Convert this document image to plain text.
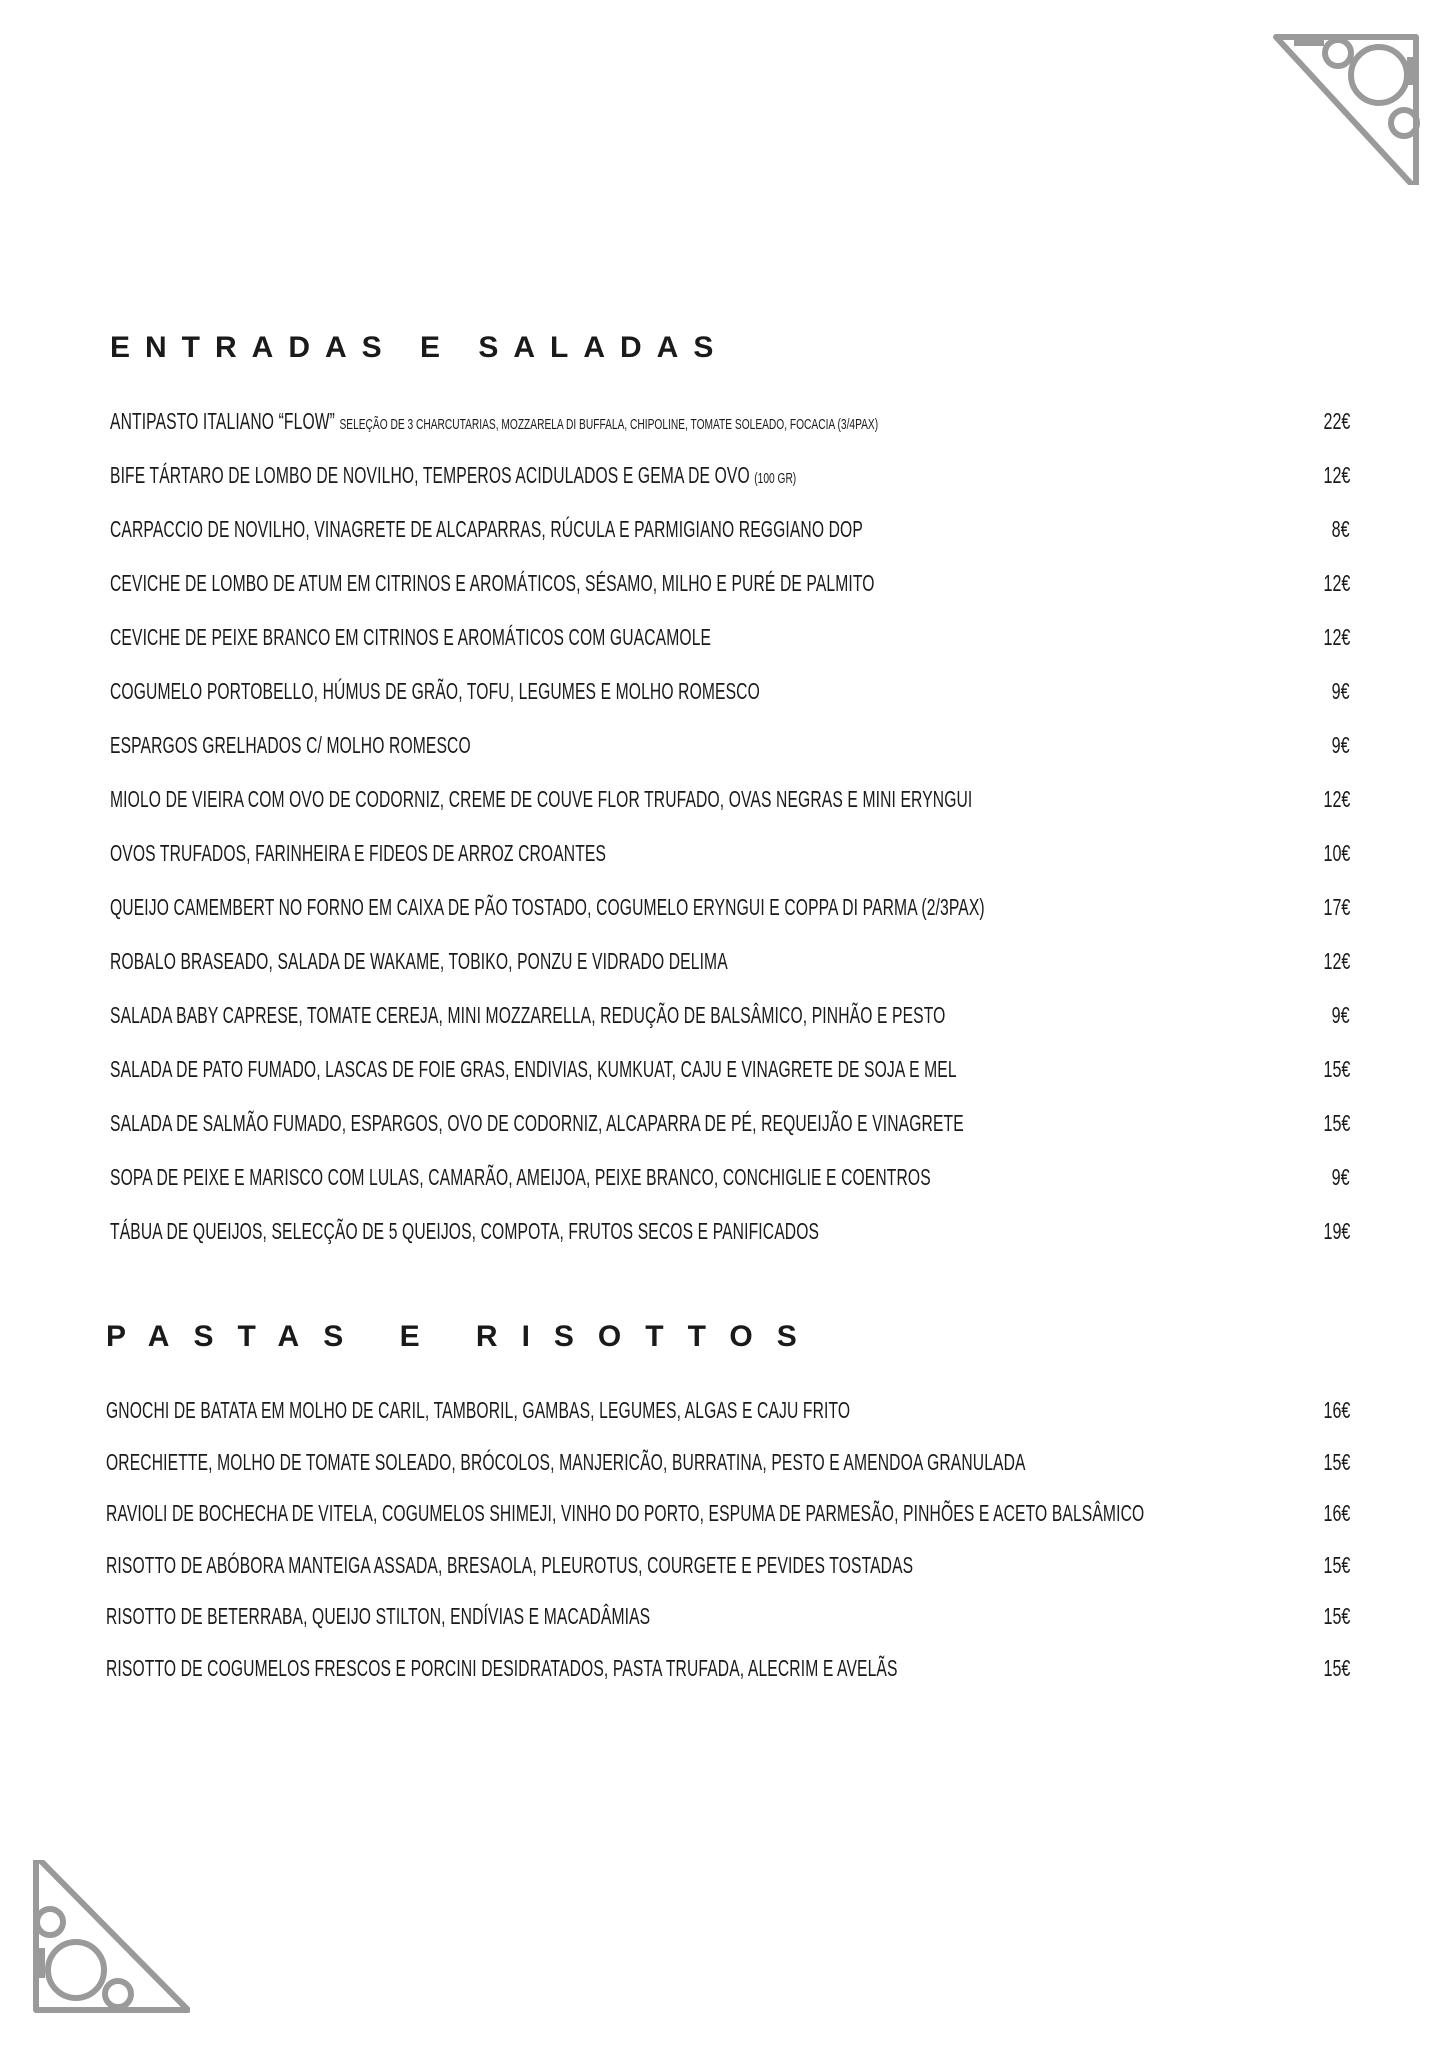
ENTRADAS E SALADAS
ANTIPASTO ITALIANO “FLOW” SELEÇÃO DE 3 CHARCUTARIAS, MOZZARELA DI BUFFALA, CHIPOLINE, TOMATE SOLEADO, FOCACIA (3/4PAX)	22€
BIFE TÁRTARO DE LOMBO DE NOVILHO, TEMPEROS ACIDULADOS E GEMA DE OVO (100 GR)	12€
CARPACCIO DE NOVILHO, VINAGRETE DE ALCAPARRAS, RÚCULA E PARMIGIANO REGGIANO DOP	8€
CEVICHE DE LOMBO DE ATUM EM CITRINOS E AROMÁTICOS, SÉSAMO, MILHO E PURÉ DE PALMITO	12€
CEVICHE DE PEIXE BRANCO EM CITRINOS E AROMÁTICOS COM GUACAMOLE	12€
COGUMELO PORTOBELLO, HÚMUS DE GRÃO, TOFU, LEGUMES E MOLHO ROMESCO	9€
ESPARGOS GRELHADOS C/ MOLHO ROMESCO	9€
MIOLO DE VIEIRA COM OVO DE CODORNIZ, CREME DE COUVE FLOR TRUFADO, OVAS NEGRAS E MINI ERYNGUI	12€
OVOS TRUFADOS, FARINHEIRA E FIDEOS DE ARROZ CROANTES	10€
QUEIJO CAMEMBERT NO FORNO EM CAIXA DE PÃO TOSTADO, COGUMELO ERYNGUI E COPPA DI PARMA (2/3PAX)	17€
ROBALO BRASEADO, SALADA DE WAKAME, TOBIKO, PONZU E VIDRADO DELIMA	12€
SALADA BABY CAPRESE, TOMATE CEREJA, MINI MOZZARELLA, REDUÇÃO DE BALSÂMICO, PINHÃO E PESTO	9€
SALADA DE PATO FUMADO, LASCAS DE FOIE GRAS, ENDIVIAS, KUMKUAT, CAJU E VINAGRETE DE SOJA E MEL	15€
SALADA DE SALMÃO FUMADO, ESPARGOS, OVO DE CODORNIZ, ALCAPARRA DE PÉ, REQUEIJÃO E VINAGRETE	15€
SOPA DE PEIXE E MARISCO COM LULAS, CAMARÃO, AMEIJOA, PEIXE BRANCO, CONCHIGLIE E COENTROS	9€
TÁBUA DE QUEIJOS, SELECÇÃO DE 5 QUEIJOS, COMPOTA, FRUTOS SECOS E PANIFICADOS	19€
PASTAS E RISOTTOS
GNOCHI DE BATATA EM MOLHO DE CARIL, TAMBORIL, GAMBAS, LEGUMES, ALGAS E CAJU FRITO	16€
ORECHIETTE, MOLHO DE TOMATE SOLEADO, BRÓCOLOS, MANJERICÃO, BURRATINA, PESTO E AMENDOA GRANULADA	15€
RAVIOLI DE BOCHECHA DE VITELA, COGUMELOS SHIMEJI, VINHO DO PORTO, ESPUMA DE PARMESÃO, PINHÕES E ACETO BALSÂMICO	16€
RISOTTO DE ABÓBORA MANTEIGA ASSADA, BRESAOLA, PLEUROTUS, COURGETE E PEVIDES TOSTADAS	15€
RISOTTO DE BETERRABA, QUEIJO STILTON, ENDÍVIAS E MACADÂMIAS	15€
RISOTTO DE COGUMELOS FRESCOS E PORCINI DESIDRATADOS, PASTA TRUFADA, ALECRIM E AVELÃS	15€
